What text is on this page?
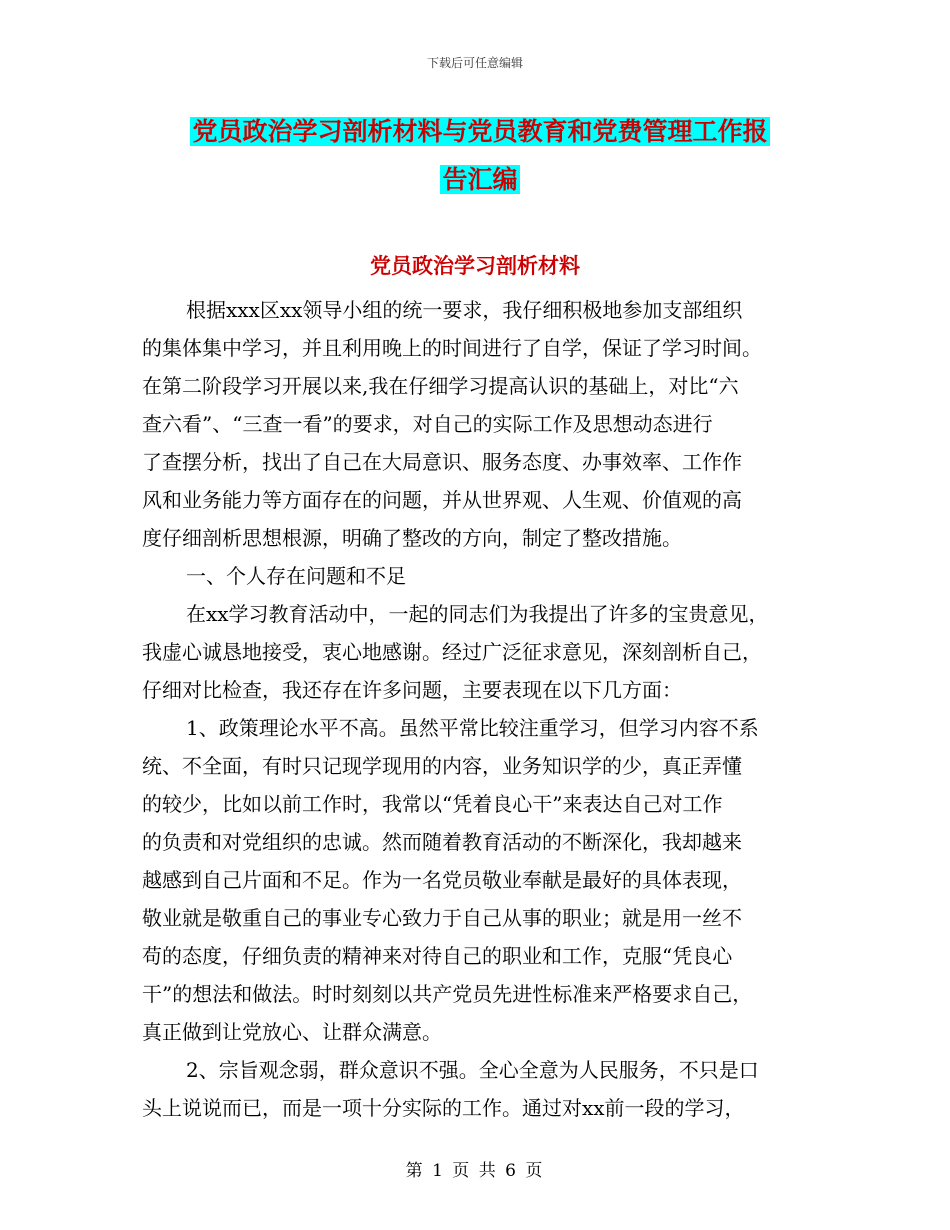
下载后可任意编辑
党员政治学习剖析材料与党员教育和党费管理工作报
告汇编
党员政治学习剖析材料
根据xxx区xx领导小组的统一要求，我仔细积极地参加支部组织
的集体集中学习，并且利用晚上的时间进行了自学，保证了学习时间。
在第二阶段学习开展以来,我在仔细学习提高认识的基础上，对比“六
查六看”、“三查一看”的要求，对自己的实际工作及思想动态进行
了查摆分析，找出了自己在大局意识、服务态度、办事效率、工作作
风和业务能力等方面存在的问题，并从世界观、人生观、价值观的高
度仔细剖析思想根源，明确了整改的方向，制定了整改措施。
一、个人存在问题和不足
在xx学习教育活动中，一起的同志们为我提出了许多的宝贵意见，
我虚心诚恳地接受，衷心地感谢。经过广泛征求意见，深刻剖析自己，
仔细对比检查，我还存在许多问题，主要表现在以下几方面：
1、政策理论水平不高。虽然平常比较注重学习，但学习内容不系
统、不全面，有时只记现学现用的内容，业务知识学的少，真正弄懂
的较少，比如以前工作时，我常以“凭着良心干”来表达自己对工作
的负责和对党组织的忠诚。然而随着教育活动的不断深化，我却越来
越感到自己片面和不足。作为一名党员敬业奉献是最好的具体表现，
敬业就是敬重自己的事业专心致力于自己从事的职业；就是用一丝不
苟的态度，仔细负责的精神来对待自己的职业和工作，克服“凭良心
干”的想法和做法。时时刻刻以共产党员先进性标准来严格要求自己，
真正做到让党放心、让群众满意。
2、宗旨观念弱，群众意识不强。全心全意为人民服务，不只是口
头上说说而已，而是一项十分实际的工作。通过对xx前一段的学习，
第 1 页 共 6 页
